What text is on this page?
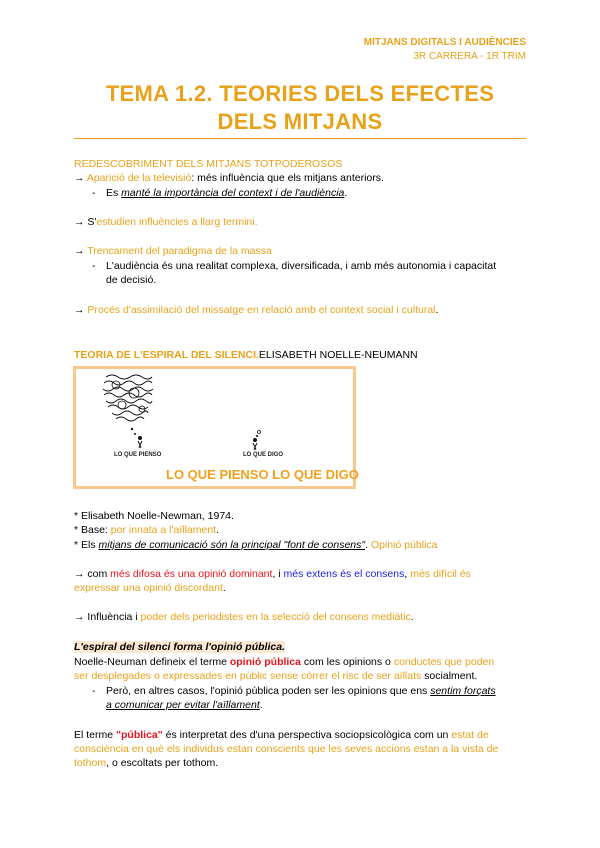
MITJANS DIGITALS I AUDIÈNCIES
3R CARRERA - 1R TRIM
TEMA 1.2. TEORIES DELS EFECTES
DELS MITJANS
REDESCOBRIMENT DELS MITJANS TOTPODEROSOS
→ Aparició de la televisió: més influència que els mitjans anteriors.
- Es manté la importància del context i de l'audiència.
→ S'estudien influències a llarg termini.
→ Trencament del paradigma de la massa
- L'audiència és una realitat complexa, diversificada, i amb més autonomia i capacitat
de decisió.
→ Procés d'assimilació del missatge en relació amb el context social i cultural.
TEORIA DE L'ESPIRAL DEL SILENCI.ELISABETH NOELLE-NEUMANN
LO QUE PIENSO	LO QUE DIGO
LO QUE PIENSO LO QUE DIGO
* Elisabeth Noelle-Newman, 1974.
* Base: por innata a l'aïllament.
* Els mitjans de comunicació són la principal "font de consens". Opinió pública
→ com més difosa és una opinió dominant, i més extens és el consens, més difícil és
expressar una opinió discordant.
→ Influència i poder dels periodistes en la selecció del consens mediàtic.
L'espiral del silenci forma l'opinió pública.
Noelle-Neuman defineix el terme opinió pública com les opinions o conductes que poden
ser desplegades o expressades en públic sense córrer el risc de ser aïllats socialment.
- Però, en altres casos, l'opinió pública poden ser les opinions que ens sentim forçats
a comunicar per evitar l'aïllament.
El terme "pública" és interpretat des d'una perspectiva sociopsicològica com un estat de
consciència en què els individus estan conscients que les seves accions estan a la vista de
tothom, o escoltats per tothom.
